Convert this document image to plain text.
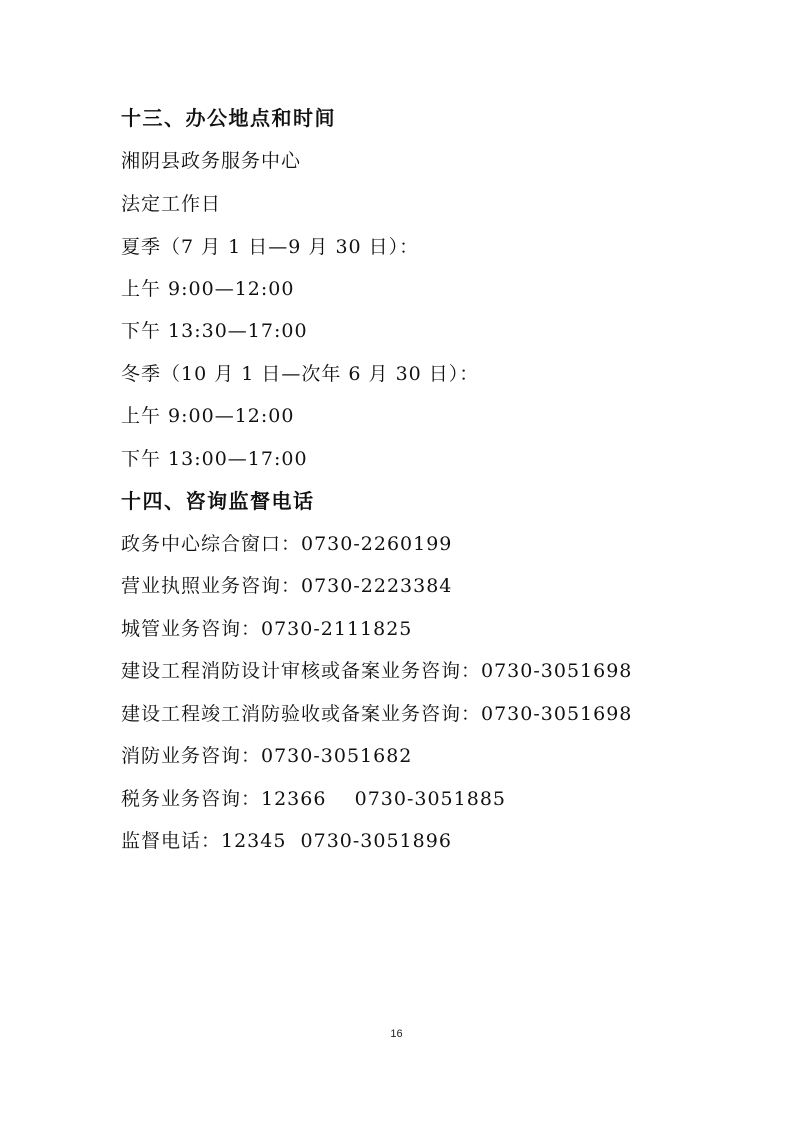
十三、办公地点和时间
湘阴县政务服务中心
法定工作日
夏季（7 月 1 日—9 月 30 日）：
上午 9:00—12:00
下午 13:30—17:00
冬季（10 月 1 日—次年 6 月 30 日）：
上午 9:00—12:00
下午 13:00—17:00
十四、咨询监督电话
政务中心综合窗口：0730-2260199
营业执照业务咨询：0730-2223384
城管业务咨询：0730-2111825
建设工程消防设计审核或备案业务咨询：0730-3051698
建设工程竣工消防验收或备案业务咨询：0730-3051698
消防业务咨询：0730-3051682
税务业务咨询：12366    0730-3051885
监督电话：12345  0730-3051896
16
